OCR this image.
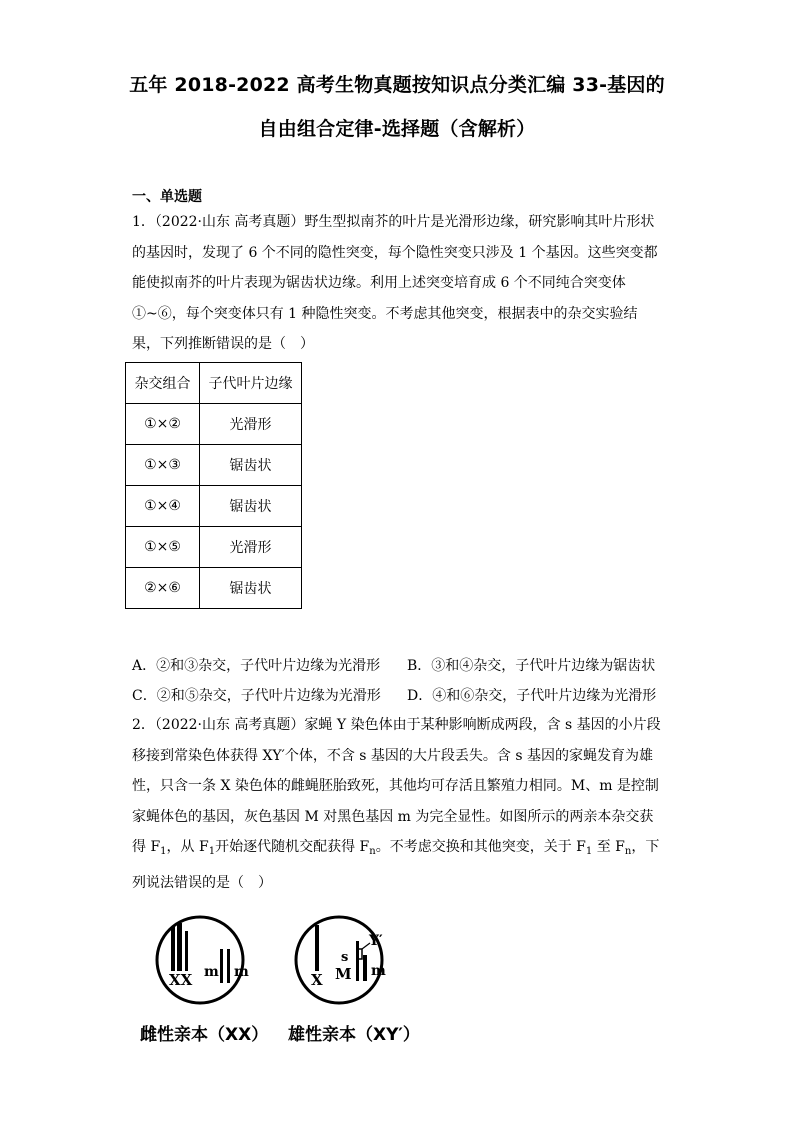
五年 2018-2022 高考生物真题按知识点分类汇编 33-基因的
自由组合定律-选择题（含解析）
一、单选题
1．（2022·山东 高考真题）野生型拟南芥的叶片是光滑形边缘，研究影响其叶片形状的基因时，发现了 6 个不同的隐性突变，每个隐性突变只涉及 1 个基因。这些突变都能使拟南芥的叶片表现为锯齿状边缘。利用上述突变培育成 6 个不同纯合突变体①~⑥，每个突变体只有 1 种隐性突变。不考虑其他突变，根据表中的杂交实验结果，下列推断错误的是（　）
杂交组合	子代叶片边缘
①×②	光滑形
①×③	锯齿状
①×④	锯齿状
①×⑤	光滑形
②×⑥	锯齿状
A．②和③杂交，子代叶片边缘为光滑形 B．③和④杂交，子代叶片边缘为锯齿状
C．②和⑤杂交，子代叶片边缘为光滑形 D．④和⑥杂交，子代叶片边缘为光滑形
2．（2022·山东 高考真题）家蝇 Y 染色体由于某种影响断成两段，含 s 基因的小片段移接到常染色体获得 XY′个体，不含 s 基因的大片段丢失。含 s 基因的家蝇发育为雄性，只含一条 X 染色体的雌蝇胚胎致死，其他均可存活且繁殖力相同。M、m 是控制家蝇体色的基因，灰色基因 M 对黑色基因 m 为完全显性。如图所示的两亲本杂交获得 $F_1$，从 $F_1$开始逐代随机交配获得 $F_n$。不考虑交换和其他突变，关于 $F_1$ 至 $F_n$，下列说法错误的是（　）
XX m m	X M
s
Y′
m
雌性亲本（XX） 雄性亲本（XY′）
